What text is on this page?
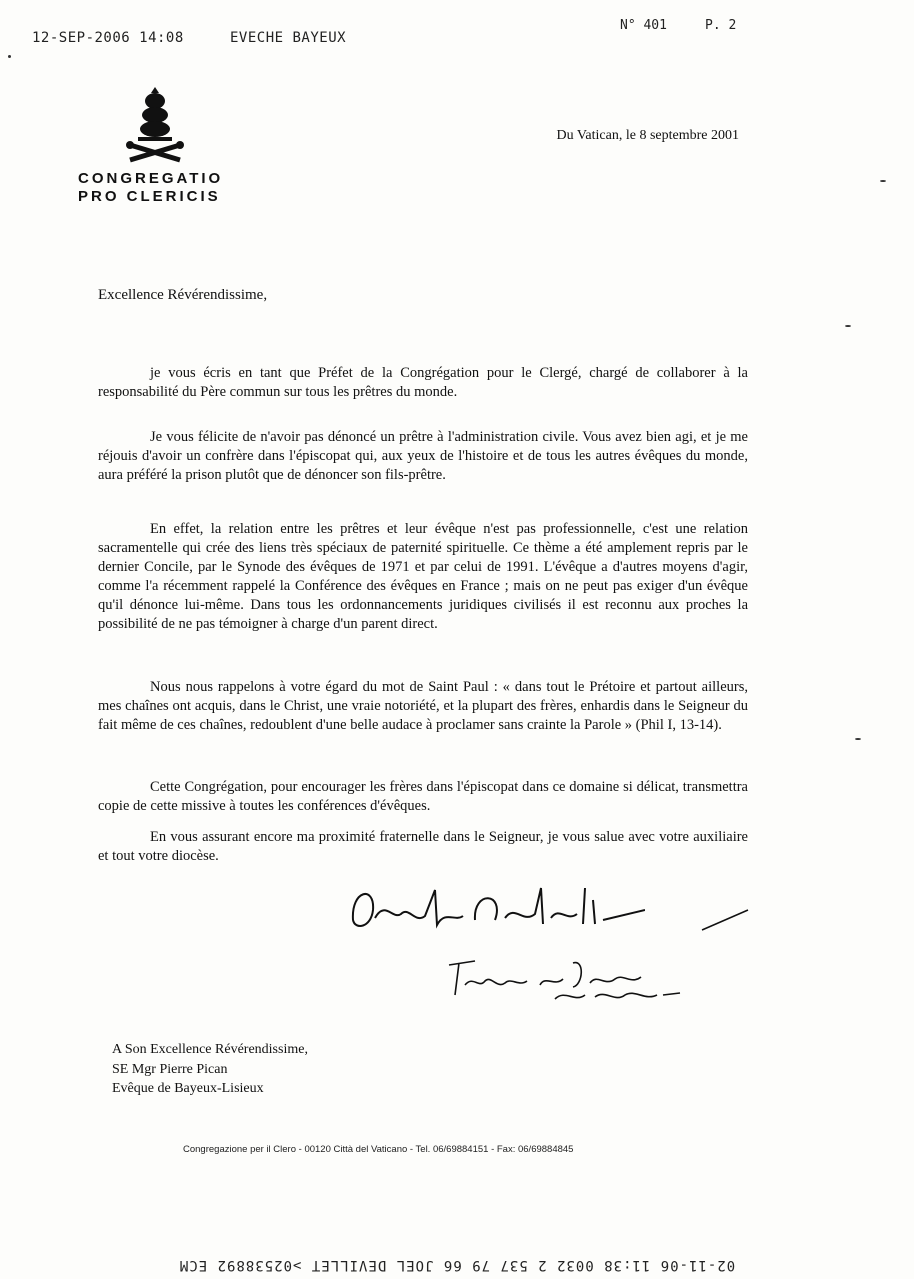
12-SEP-2006 14:08	EVECHE BAYEUX
N° 401	P. 2
CONGREGATIO
PRO CLERICIS
Du Vatican, le 8 septembre 2001
Excellence Révérendissime,
je vous écris en tant que Préfet de la Congrégation pour le Clergé, chargé de collaborer à la responsabilité du Père commun sur tous les prêtres du monde.
Je vous félicite de n'avoir pas dénoncé un prêtre à l'administration civile. Vous avez bien agi, et je me réjouis d'avoir un confrère dans l'épiscopat qui, aux yeux de l'histoire et de tous les autres évêques du monde, aura préféré la prison plutôt que de dénoncer son fils-prêtre.
En effet, la relation entre les prêtres et leur évêque n'est pas professionnelle, c'est une relation sacramentelle qui crée des liens très spéciaux de paternité spirituelle. Ce thème a été amplement repris par le dernier Concile, par le Synode des évêques de 1971 et par celui de 1991. L'évêque a d'autres moyens d'agir, comme l'a récemment rappelé la Conférence des évêques en France ; mais on ne peut pas exiger d'un évêque qu'il dénonce lui-même. Dans tous les ordonnancements juridiques civilisés il est reconnu aux proches la possibilité de ne pas témoigner à charge d'un parent direct.
Nous nous rappelons à votre égard du mot de Saint Paul : « dans tout le Prétoire et partout ailleurs, mes chaînes ont acquis, dans le Christ, une vraie notoriété, et la plupart des frères, enhardis dans le Seigneur du fait même de ces chaînes, redoublent d'une belle audace à proclamer sans crainte la Parole » (Phil I, 13-14).
Cette Congrégation, pour encourager les frères dans l'épiscopat dans ce domaine si délicat, transmettra copie de cette missive à toutes les conférences d'évêques.
En vous assurant encore ma proximité fraternelle dans le Seigneur, je vous salue avec votre auxiliaire et tout votre diocèse.
A Son Excellence Révérendissime,
SE Mgr Pierre Pican
Evêque de Bayeux-Lisieux
Congregazione per il Clero - 00120 Città del Vaticano - Tel. 06/69884151 - Fax: 06/69884845
02-11-06 11:38 0032 2 537 79 66 JOEL DEVILLET >02538892 ECM
